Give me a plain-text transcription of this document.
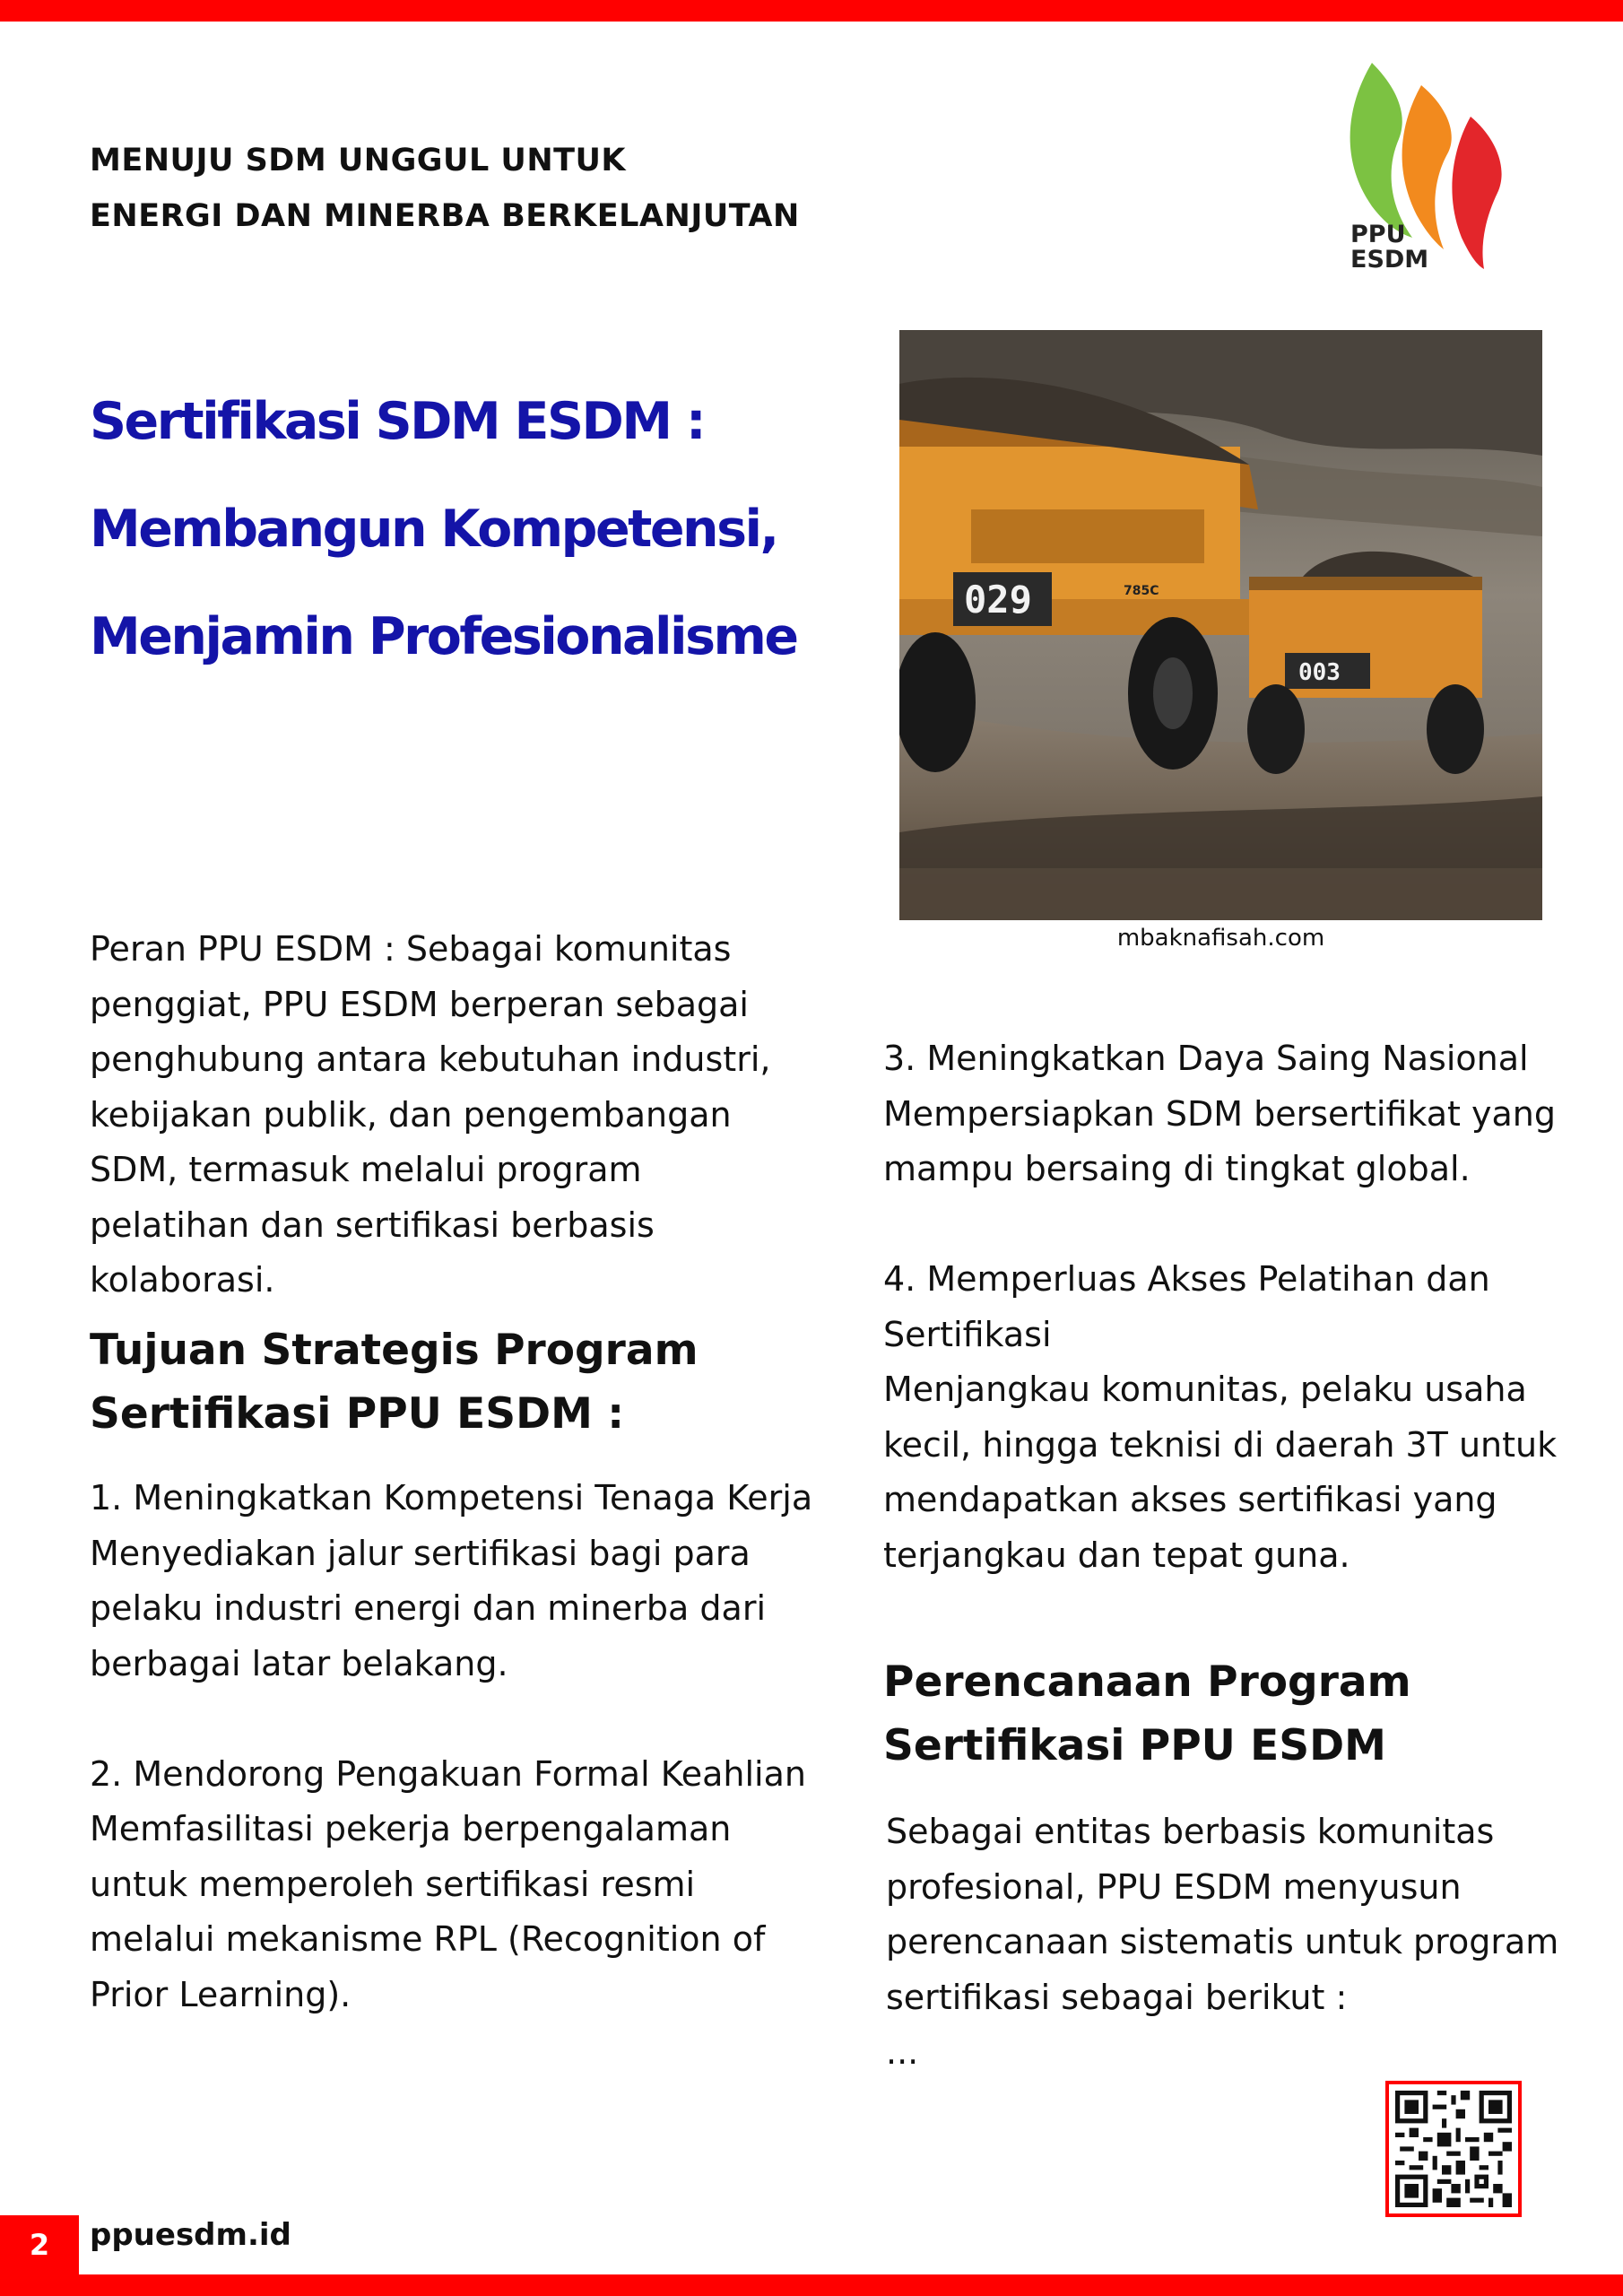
MENUJU SDM UNGGUL UNTUK
ENERGI DAN MINERBA BERKELANJUTAN
PPU
ESDM
Sertifikasi SDM ESDM :
Membangun Kompetensi,
Menjamin Profesionalisme
003
029	785C
mbaknafisah.com
Peran PPU ESDM : Sebagai komunitas penggiat, PPU ESDM berperan sebagai penghubung antara kebutuhan industri, kebijakan publik, dan pengembangan SDM, termasuk melalui program pelatihan dan sertifikasi berbasis kolaborasi.
Tujuan Strategis Program Sertifikasi PPU ESDM :
1. Meningkatkan Kompetensi Tenaga Kerja
Menyediakan jalur sertifikasi bagi para pelaku industri energi dan minerba dari berbagai latar belakang.
2. Mendorong Pengakuan Formal Keahlian
Memfasilitasi pekerja berpengalaman untuk memperoleh sertifikasi resmi melalui mekanisme RPL (Recognition of Prior Learning).
3. Meningkatkan Daya Saing Nasional
Mempersiapkan SDM bersertifikat yang mampu bersaing di tingkat global.
4. Memperluas Akses Pelatihan dan Sertifikasi
Menjangkau komunitas, pelaku usaha kecil, hingga teknisi di daerah 3T untuk mendapatkan akses sertifikasi yang terjangkau dan tepat guna.
Perencanaan Program Sertifikasi PPU ESDM
Sebagai entitas berbasis komunitas profesional, PPU ESDM menyusun perencanaan sistematis untuk program sertifikasi sebagai berikut :
...
2	ppuesdm.id
